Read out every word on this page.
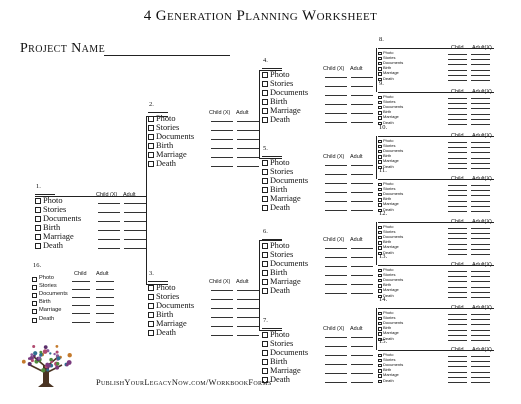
4 Generation Planning Worksheet
Project Name
1.
Child (X) Adult
Photo
Stories
Documents
Birth
Marriage
Death
2.
Child (X) Adult
Photo
Stories
Documents
Birth
Marriage
Death
3.
Child (X) Adult
Photo
Stories
Documents
Birth
Marriage
Death
4.
Child (X) Adult
Photo
Stories
Documents
Birth
Marriage
Death
5.
Child (X) Adult
Photo
Stories
Documents
Birth
Marriage
Death
6.
Child (X) Adult
Photo
Stories
Documents
Birth
Marriage
Death
7.
Child (X) Adult
Photo
Stories
Documents
Birth
Marriage
Death
8.
Child Adult(X)
Photo
Stories
Documents
Birth
Marriage
Death
9.
Child Adult(X)
Photo
Stories
Documents
Birth
Marriage
Death
10.
Child Adult(X)
Photo
Stories
Documents
Birth
Marriage
Death
11.
Child Adult(X)
Photo
Stories
Documents
Birth
Marriage
Death
12.
Child Adult(X)
Photo
Stories
Documents
Birth
Marriage
Death
13.
Child Adult(X)
Photo
Stories
Documents
Birth
Marriage
Death
14.
Child Adult(X)
Photo
Stories
Documents
Birth
Marriage
Death
15.
Child Adult(X)
Photo
Stories
Documents
Birth
Marriage
Death
16.
Child Adult
Photo
Stories
Documents
Birth
Marriage
Death
PublishYourLegacyNow.com/WorkbookForms
